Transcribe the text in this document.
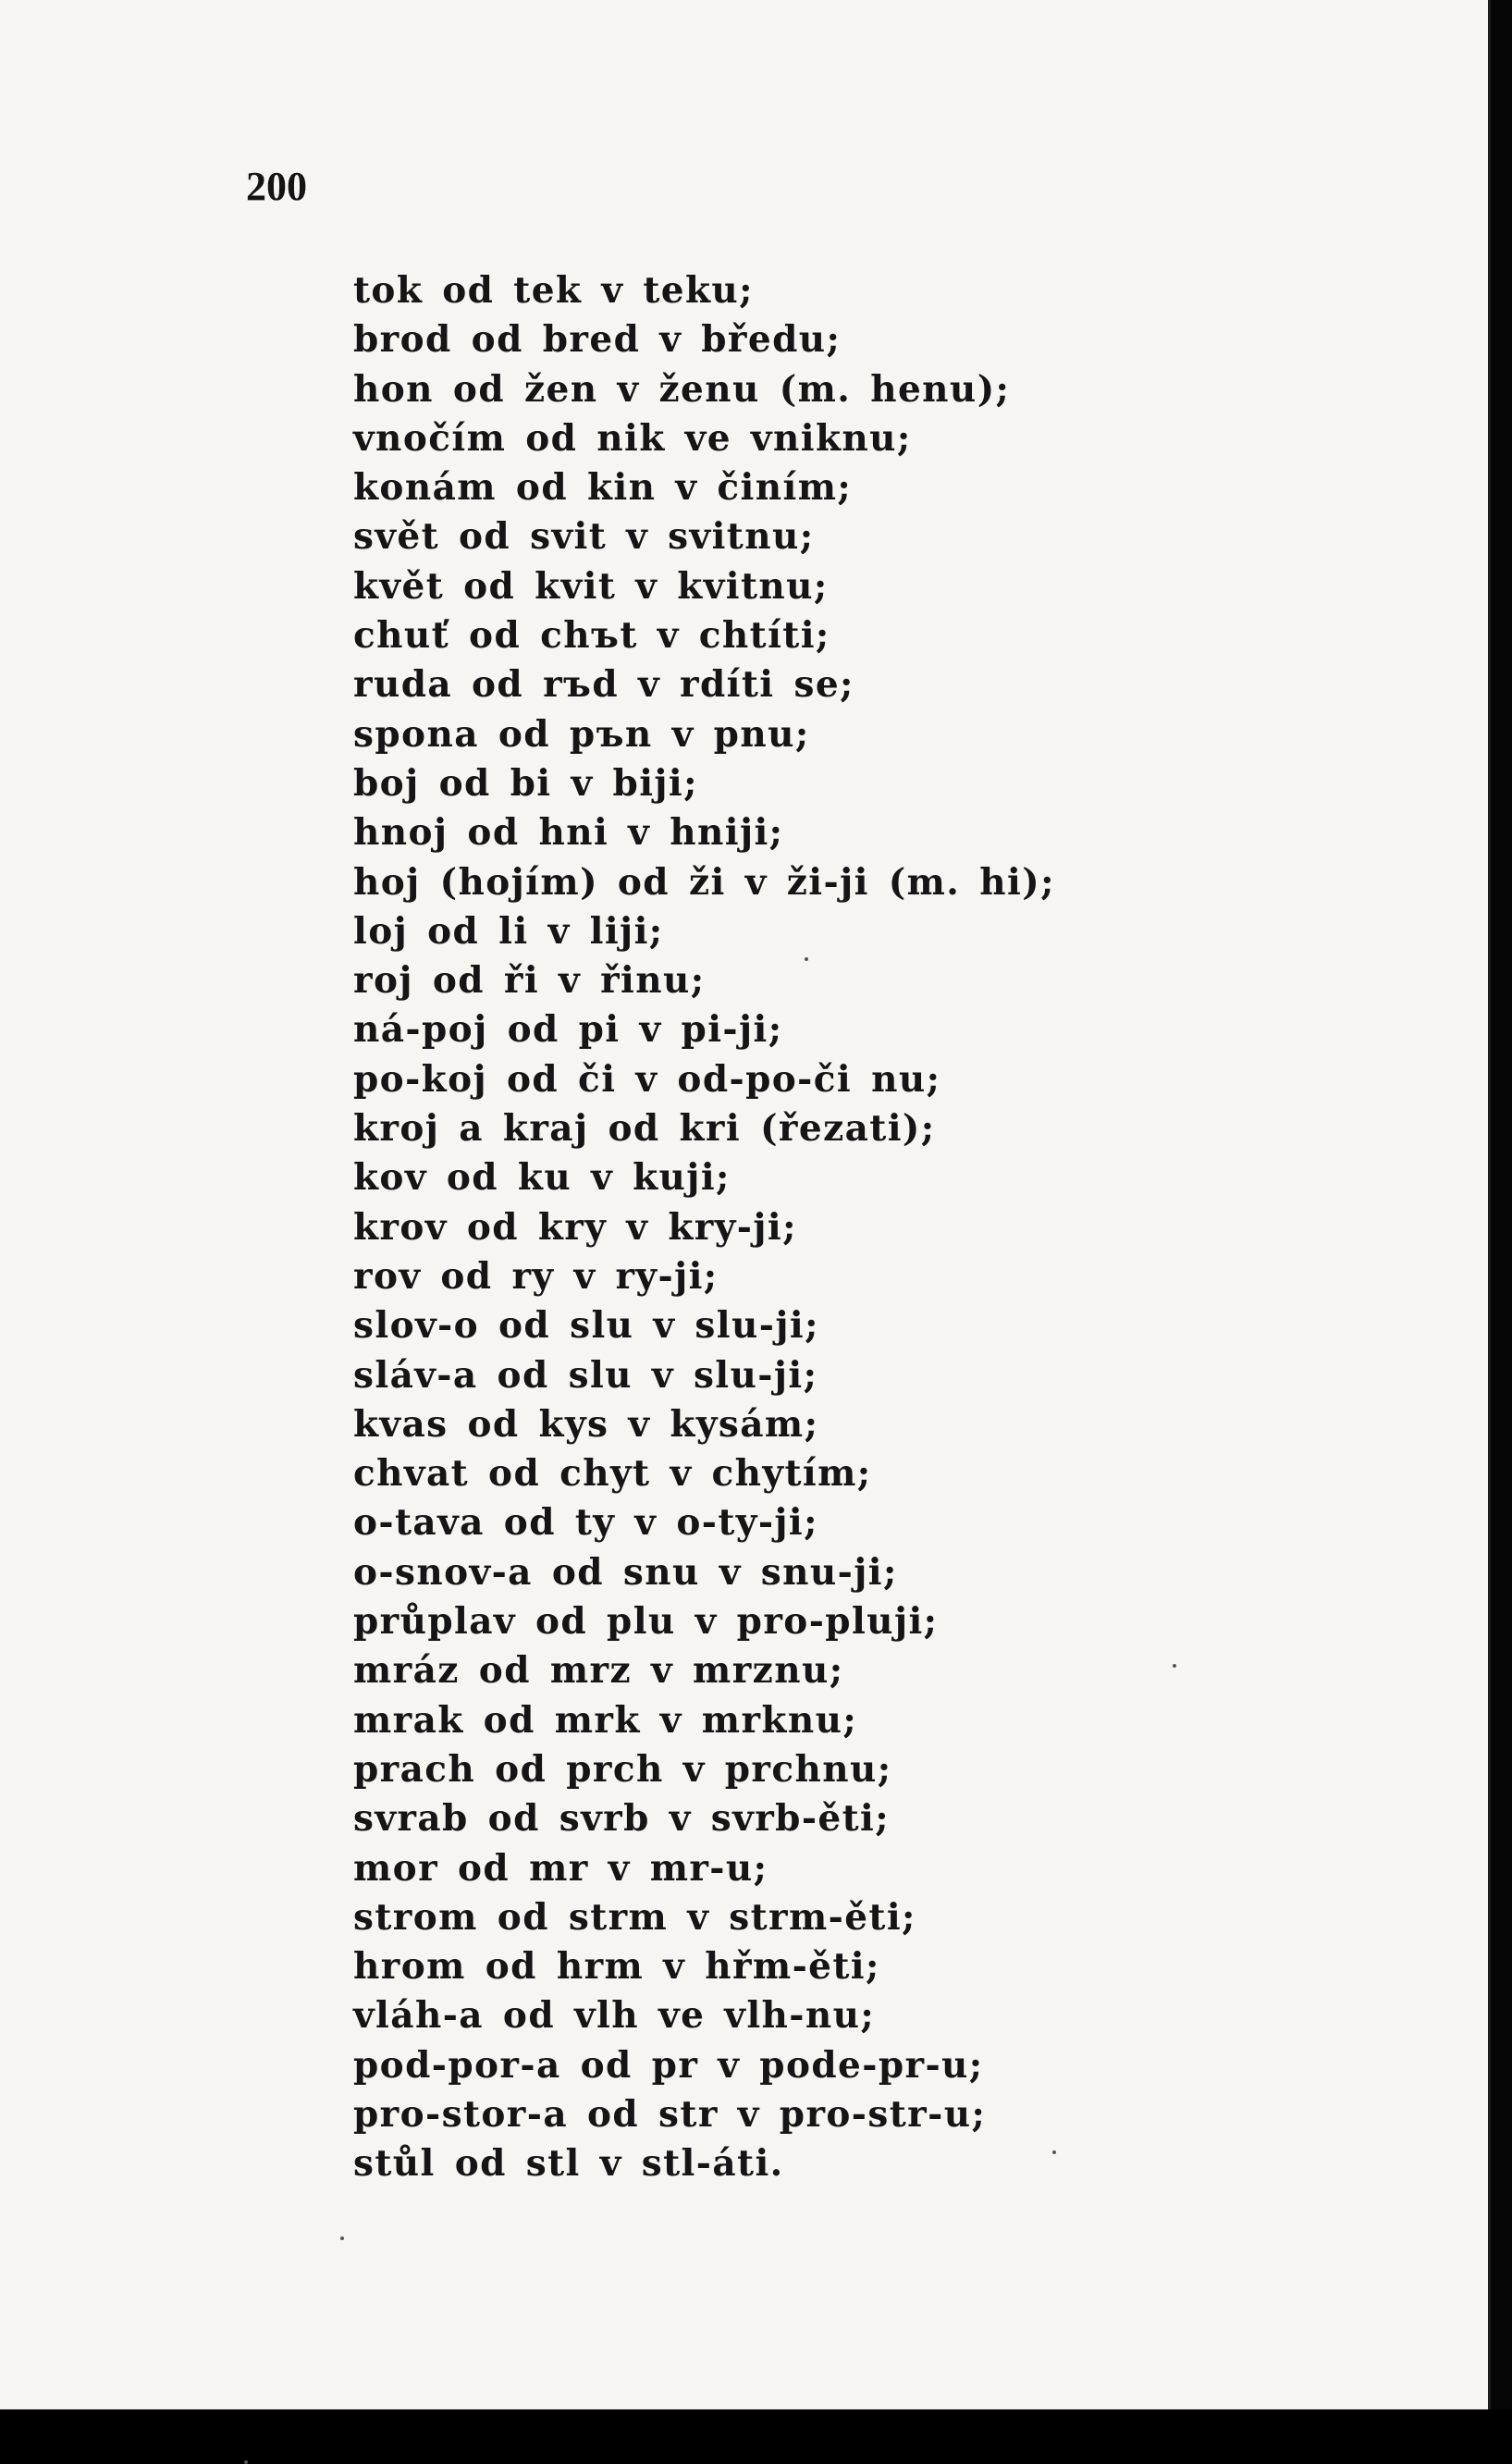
200
tok od tek v teku;
brod od bred v bředu;
hon od žen v ženu (m. henu);
vnočím od nik ve vniknu;
konám od kin v činím;
svět od svit v svitnu;
květ od kvit v kvitnu;
chuť od chъt v chtíti;
ruda od rъd v rdíti se;
spona od pъn v pnu;
boj od bi v biji;
hnoj od hni v hniji;
hoj (hojím) od ži v ži-ji (m. hi);
loj od li v liji;
roj od ři v řinu;
ná-poj od pi v pi-ji;
po-koj od či v od-po-či nu;
kroj a kraj od kri (řezati);
kov od ku v kuji;
krov od kry v kry-ji;
rov od ry v ry-ji;
slov-o od slu v slu-ji;
sláv-a od slu v slu-ji;
kvas od kys v kysám;
chvat od chyt v chytím;
o-tava od ty v o-ty-ji;
o-snov-a od snu v snu-ji;
průplav od plu v pro-pluji;
mráz od mrz v mrznu;
mrak od mrk v mrknu;
prach od prch v prchnu;
svrab od svrb v svrb-ěti;
mor od mr v mr-u;
strom od strm v strm-ěti;
hrom od hrm v hřm-ěti;
vláh-a od vlh ve vlh-nu;
pod-por-a od pr v pode-pr-u;
pro-stor-a od str v pro-str-u;
stůl od stl v stl-áti.
